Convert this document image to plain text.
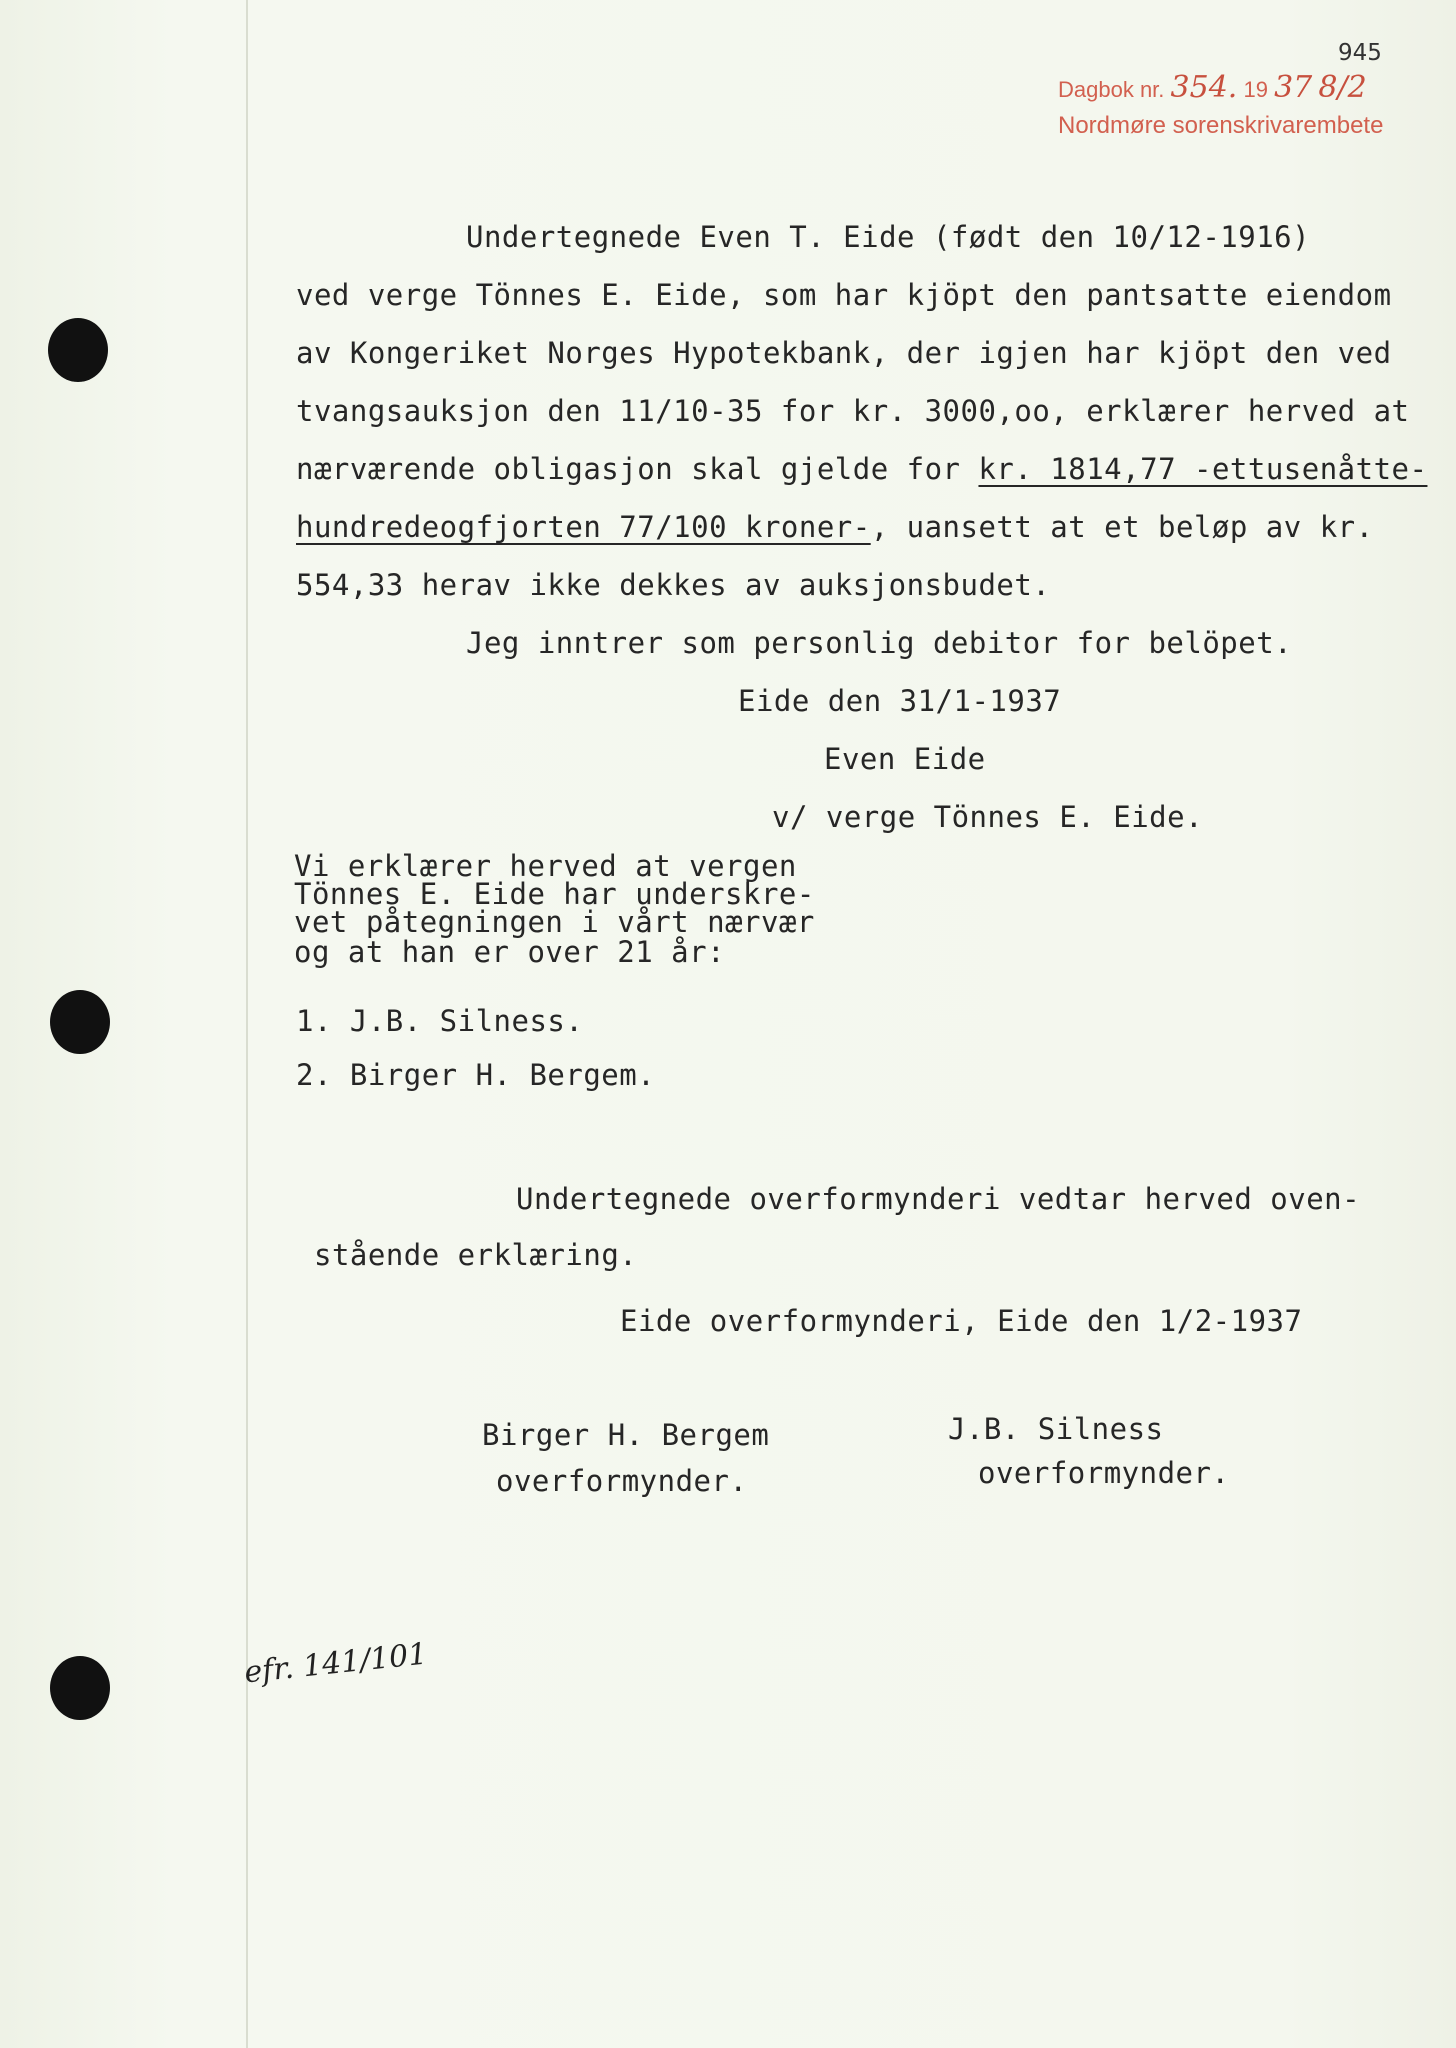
945
Dagbok nr. 354. 19 37 8/2
Nordmøre sorenskrivarembete
Undertegnede Even T. Eide (født den 10/12-1916)
ved verge Tönnes E. Eide, som har kjöpt den pantsatte eiendom
av Kongeriket Norges Hypotekbank, der igjen har kjöpt den ved
tvangsauksjon den 11/10-35 for kr. 3000,oo, erklærer herved at
nærværende obligasjon skal gjelde for kr. 1814,77 -ettusenåtte-
hundredeogfjorten 77/100 kroner-, uansett at et beløp av kr.
554,33 herav ikke dekkes av auksjonsbudet.
Jeg inntrer som personlig debitor for belöpet.
Eide den 31/1-1937
Even Eide
v/ verge Tönnes E. Eide.
Vi erklærer herved at vergen
Tönnes E. Eide har underskre-
vet påtegningen i vårt nærvær
og at han er over 21 år:
1. J.B. Silness.
2. Birger H. Bergem.
Undertegnede overformynderi vedtar herved oven-
stående erklæring.
Eide overformynderi, Eide den 1/2-1937
Birger H. Bergem
overformynder.
J.B. Silness
overformynder.
efr. 141/101
